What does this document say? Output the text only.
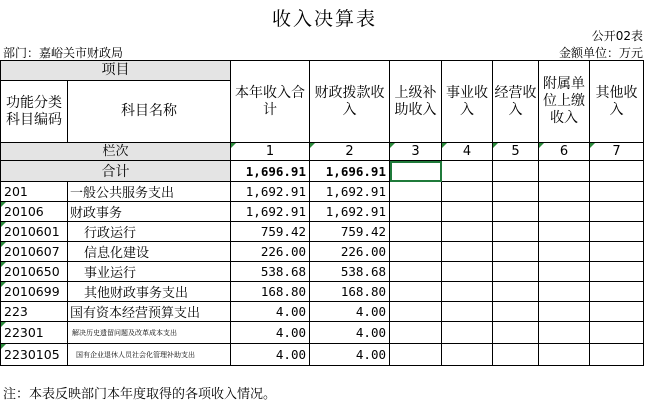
收入决算表
公开02表
部门：嘉峪关市财政局	金额单位：万元
项目		本年收入合计	财政拨款收入	上级补助收入	事业收入	经营收入	附属单位上缴收入	其他收入
功能分类科目编码	科目名称							
栏次		1	2	3	4	5	6	7
合计		1,696.91	1,696.91					
201	一般公共服务支出	1,692.91	1,692.91					
20106	财政事务	1,692.91	1,692.91					
2010601	行政运行	759.42	759.42					
2010607	信息化建设	226.00	226.00					
2010650	事业运行	538.68	538.68					
2010699	其他财政事务支出	168.80	168.80					
223	国有资本经营预算支出	4.00	4.00					
22301	解决历史遗留问题及改革成本支出	4.00	4.00					
2230105	国有企业退休人员社会化管理补助支出	4.00	4.00					
注：本表反映部门本年度取得的各项收入情况。
